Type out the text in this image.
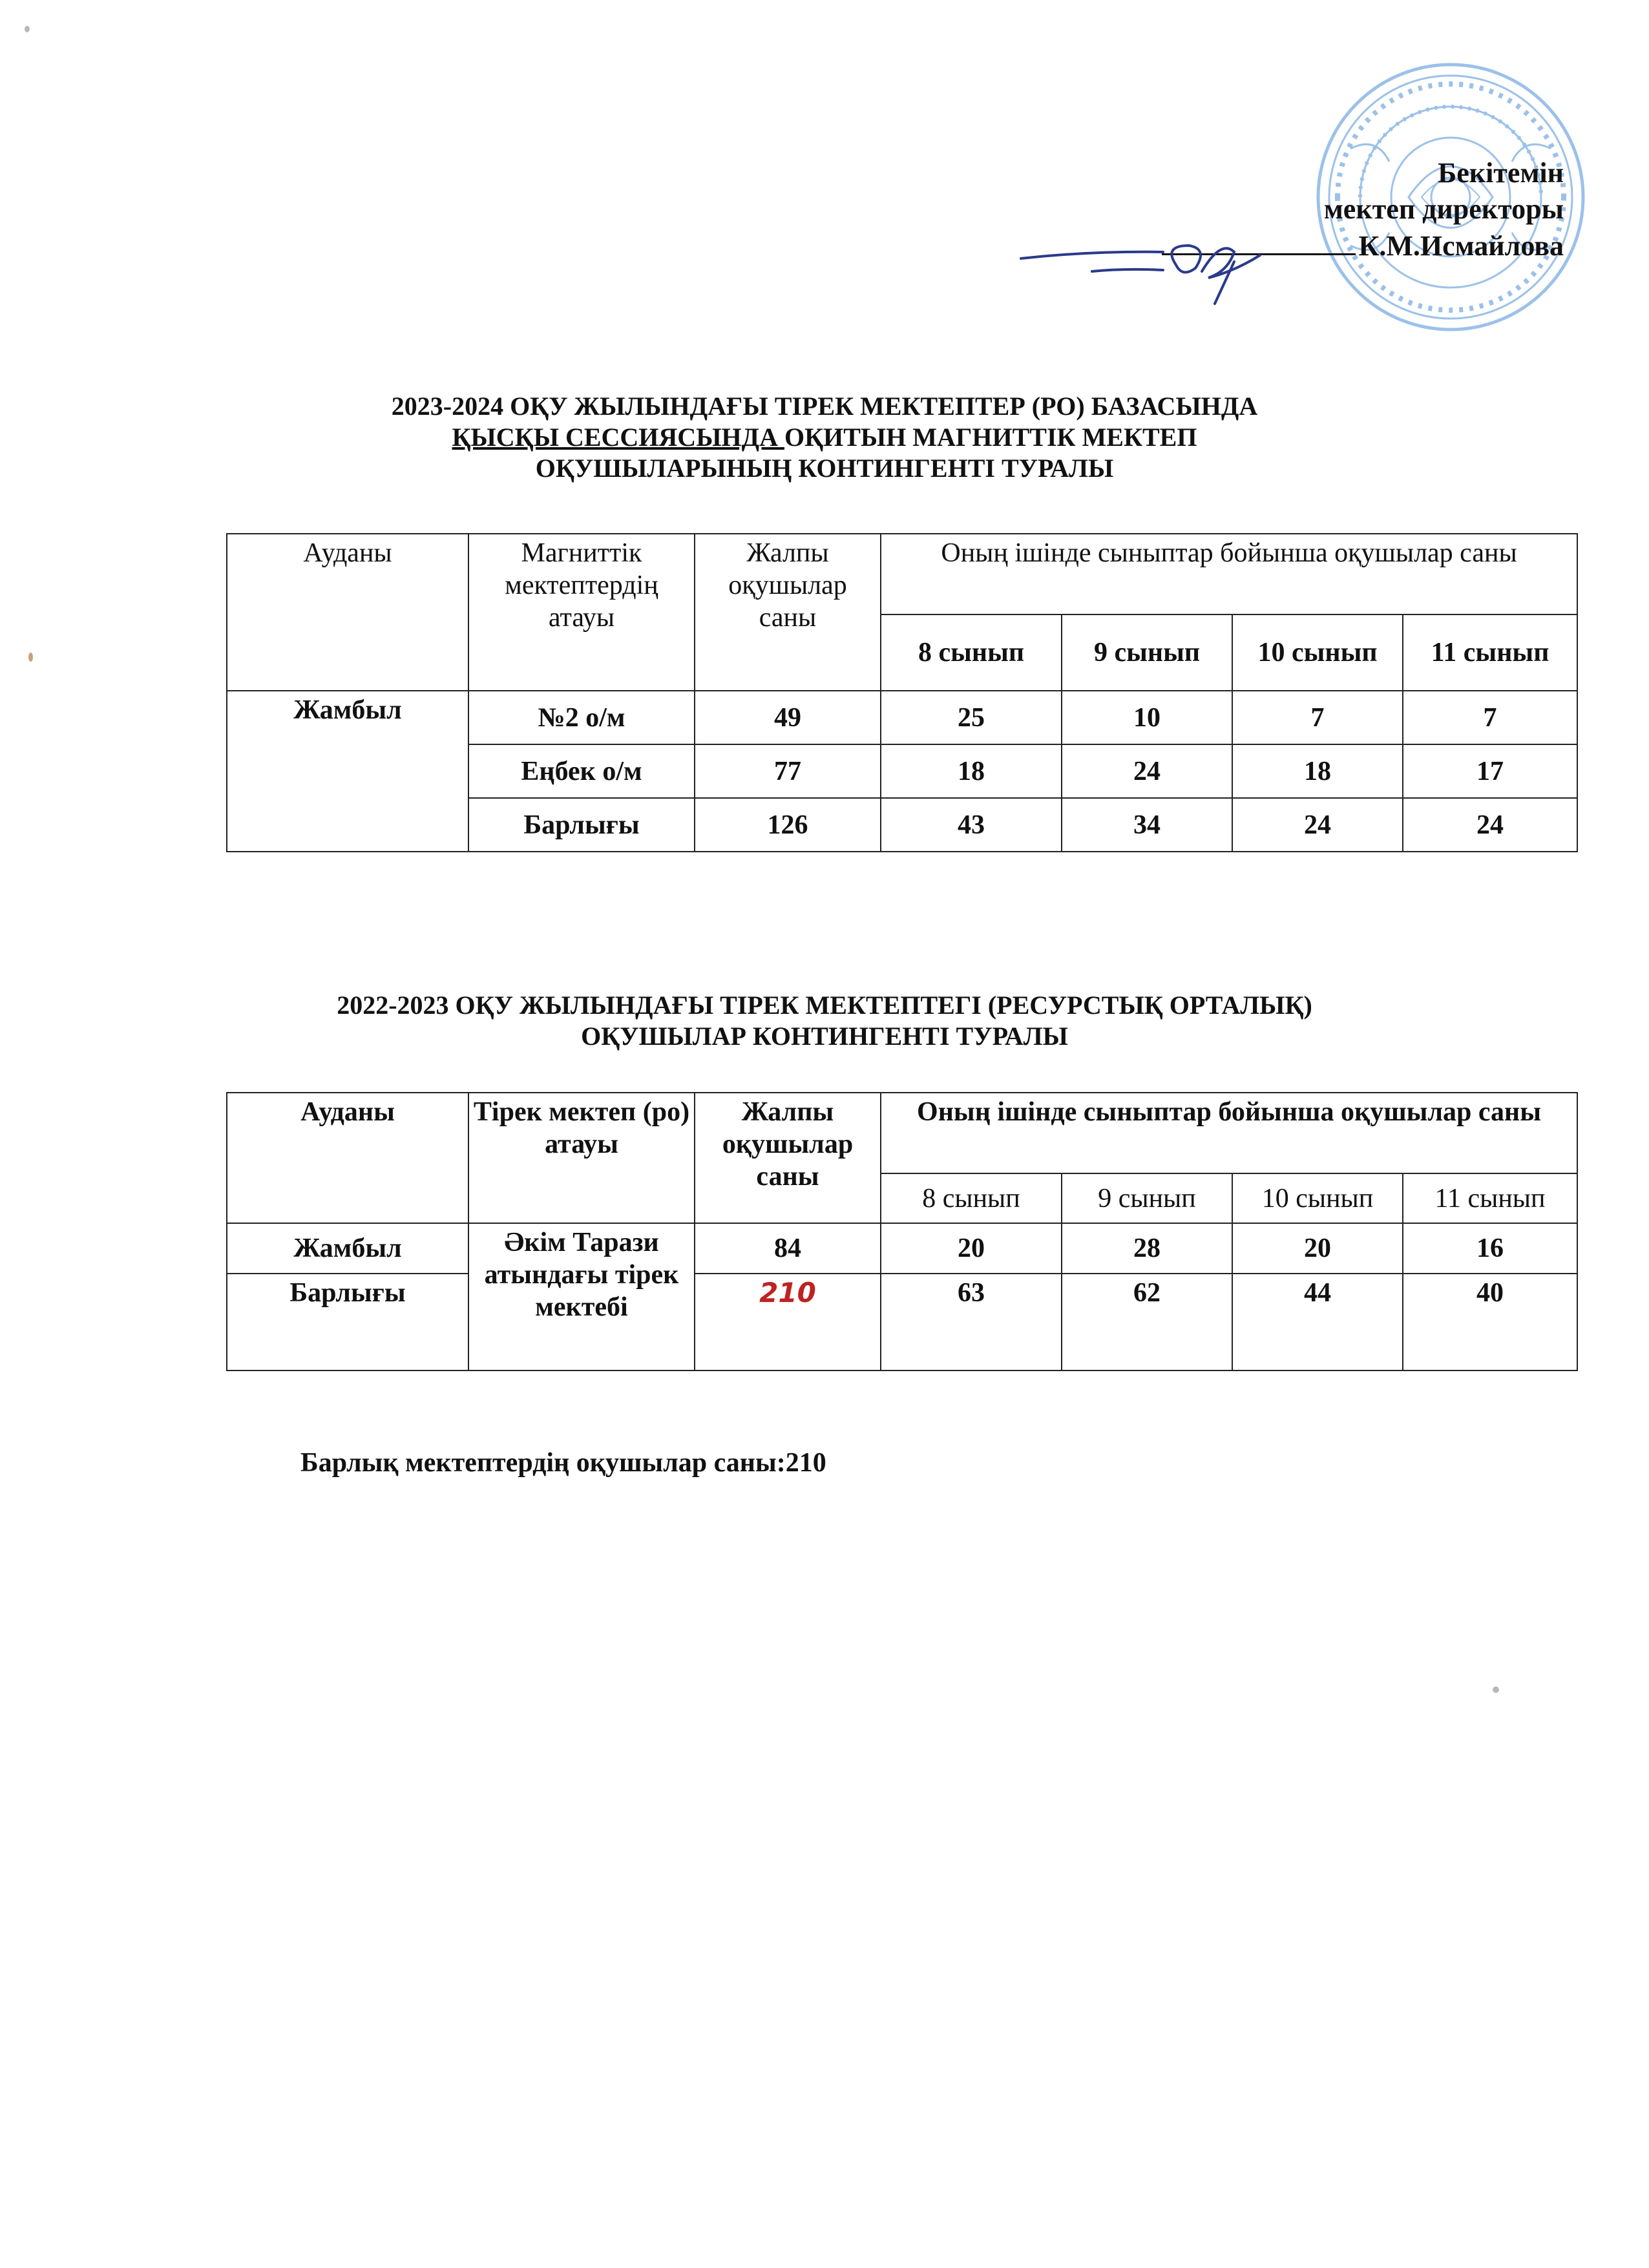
Бекітемін
мектеп директоры
К.М.Исмайлова
2023-2024 ОҚУ ЖЫЛЫНДАҒЫ ТІРЕК МЕКТЕПТЕР (РО) БАЗАСЫНДА
ҚЫСҚЫ СЕССИЯСЫНДА ОҚИТЫН МАГНИТТІК МЕКТЕП
ОҚУШЫЛАРЫНЫҢ КОНТИНГЕНТІ ТУРАЛЫ
Ауданы	Магниттік мектептердің атауы	Жалпы оқушылар саны	Оның ішінде сыныптар бойынша оқушылар саны			
			8 сынып	9 сынып	10 сынып	11 сынып
Жамбыл	№2 о/м	49	25	10	7	7
	Еңбек о/м	77	18	24	18	17
	Барлығы	126	43	34	24	24
2022-2023 ОҚУ ЖЫЛЫНДАҒЫ ТІРЕК МЕКТЕПТЕГІ (РЕСУРСТЫҚ ОРТАЛЫҚ)
ОҚУШЫЛАР КОНТИНГЕНТІ ТУРАЛЫ
Ауданы	Тірек мектеп (ро) атауы	Жалпы оқушылар саны	Оның ішінде сыныптар бойынша оқушылар саны			
			8 сынып	9 сынып	10 сынып	11 сынып
Жамбыл	Әкім Тарази атындағы тірек мектебі	84	20	28	20	16
Барлығы		210	63	62	44	40
Барлық мектептердің оқушылар саны:210
